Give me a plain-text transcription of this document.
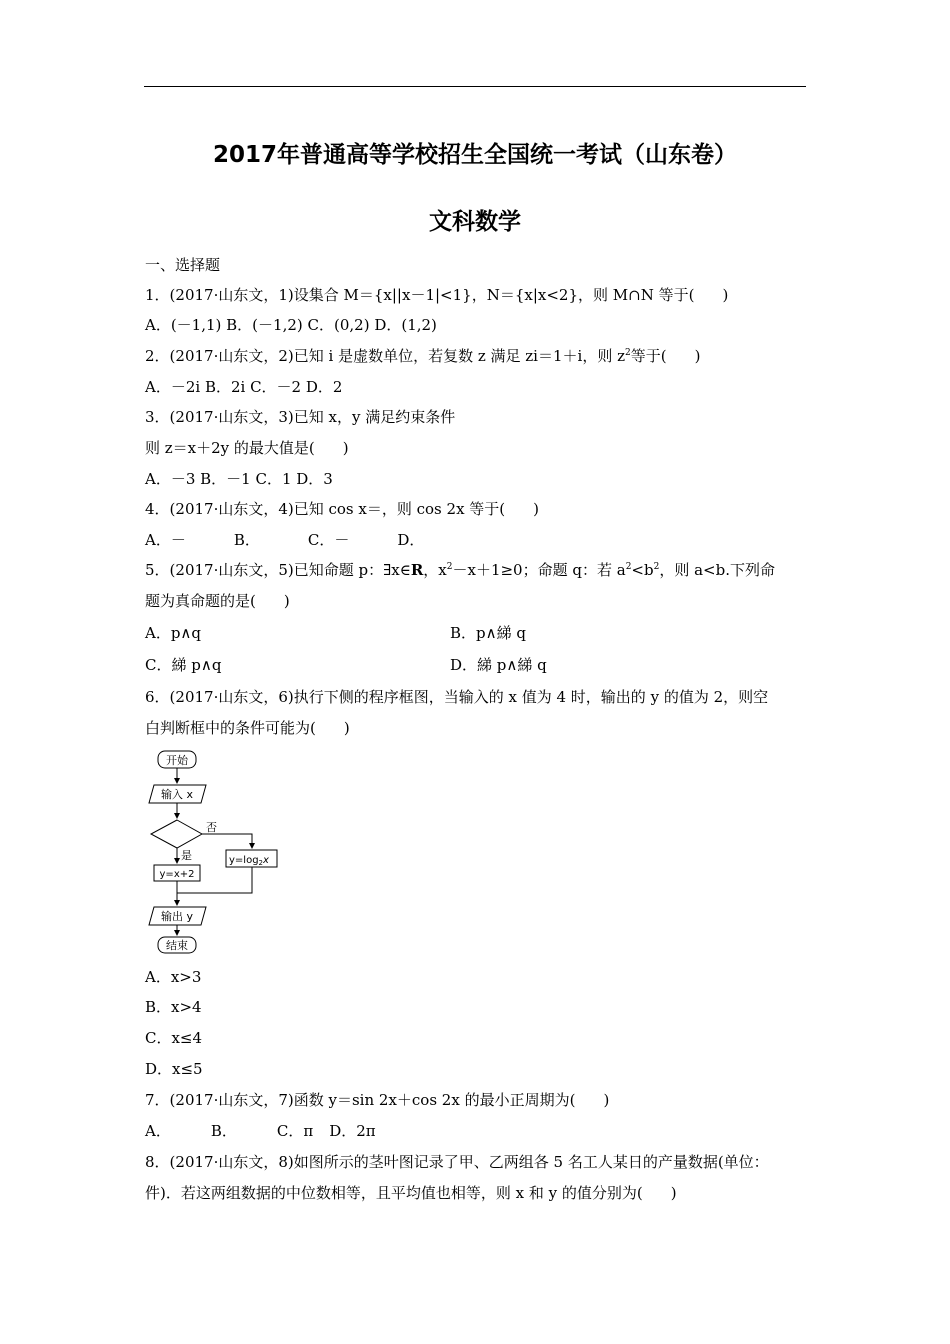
2017年普通高等学校招生全国统一考试（山东卷）
文科数学
一、选择题
1．(2017·山东文，1)设集合 M＝{x||x－1|<1}，N＝{x|x<2}，则 M∩N 等于( )
A．(－1,1) B．(－1,2) C．(0,2) D．(1,2)
2．(2017·山东文，2)已知 i 是虚数单位，若复数 z 满足 zi＝1＋i，则 $z^2$等于( )
A．－2i B．2i C．－2 D．2
3．(2017·山东文，3)已知 x，y 满足约束条件
则 z＝x＋2y 的最大值是( )
A．－3 B．－1 C．1 D．3
4．(2017·山东文，4)已知 cos x＝，则 cos 2x 等于( )
A．－	B．	C．－	D．
5．(2017·山东文，5)已知命题 p：∃x∈R，$x^2-x+1\ge 0$；命题 q：若 $a^2<b^2$，则 a<b.下列命
题为真命题的是( )
A．p∧q	B．p∧綈 q
C．綈 p∧q	D．綈 p∧綈 q
6．(2017·山东文，6)执行下侧的程序框图，当输入的 x 值为 4 时，输出的 y 的值为 2，则空
白判断框中的条件可能为( )
开始
输入 x
否
是	$y=\log_2x$
y=x+2
输出 y
结束
A．x>3
B．x>4
C．x≤4
D．x≤5
7．(2017·山东文，7)函数 y＝sin 2x＋cos 2x 的最小正周期为( )
A．	B．	C．π D．2π
8．(2017·山东文，8)如图所示的茎叶图记录了甲、乙两组各 5 名工人某日的产量数据(单位：
件)．若这两组数据的中位数相等，且平均值也相等，则 x 和 y 的值分别为( )
